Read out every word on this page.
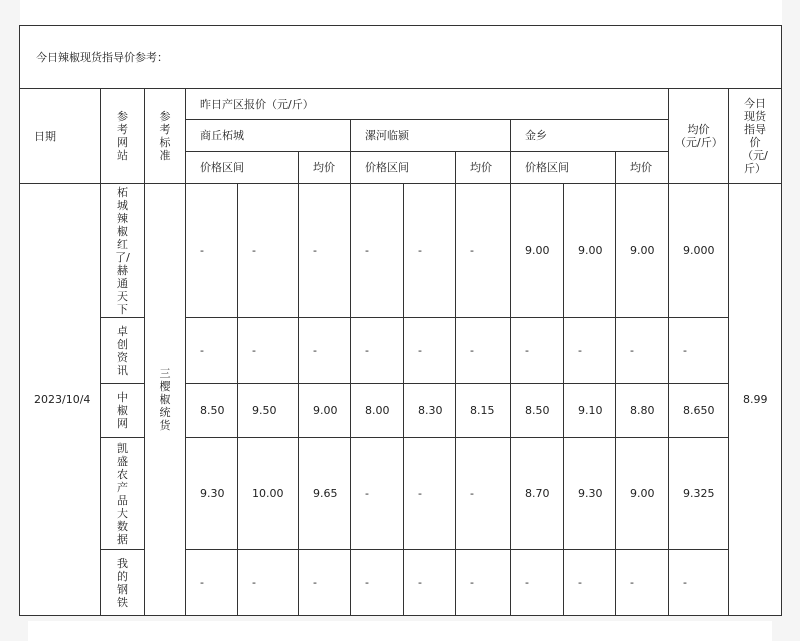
今日辣椒现货指导价参考：													
日期	参考网站	参考标准	昨日产区报价（元/斤）									均价（元/斤）	今日现货指导价（元/斤）
			商丘柘城			漯河临颍			金乡				
			价格区间		均价	价格区间		均价	价格区间		均价		
2023/10/4	柘城辣椒红了/赫通天下	三樱椒统货	-	-	-	-	-	-	9.00	9.00	9.00	9.000	8.99
	卓创资讯		-	-	-	-	-	-	-	-	-	-	
	中椒网		8.50	9.50	9.00	8.00	8.30	8.15	8.50	9.10	8.80	8.650	
	凯盛农产品大数据		9.30	10.00	9.65	-	-	-	8.70	9.30	9.00	9.325	
	我的钢铁		-	-	-	-	-	-	-	-	-	-	
